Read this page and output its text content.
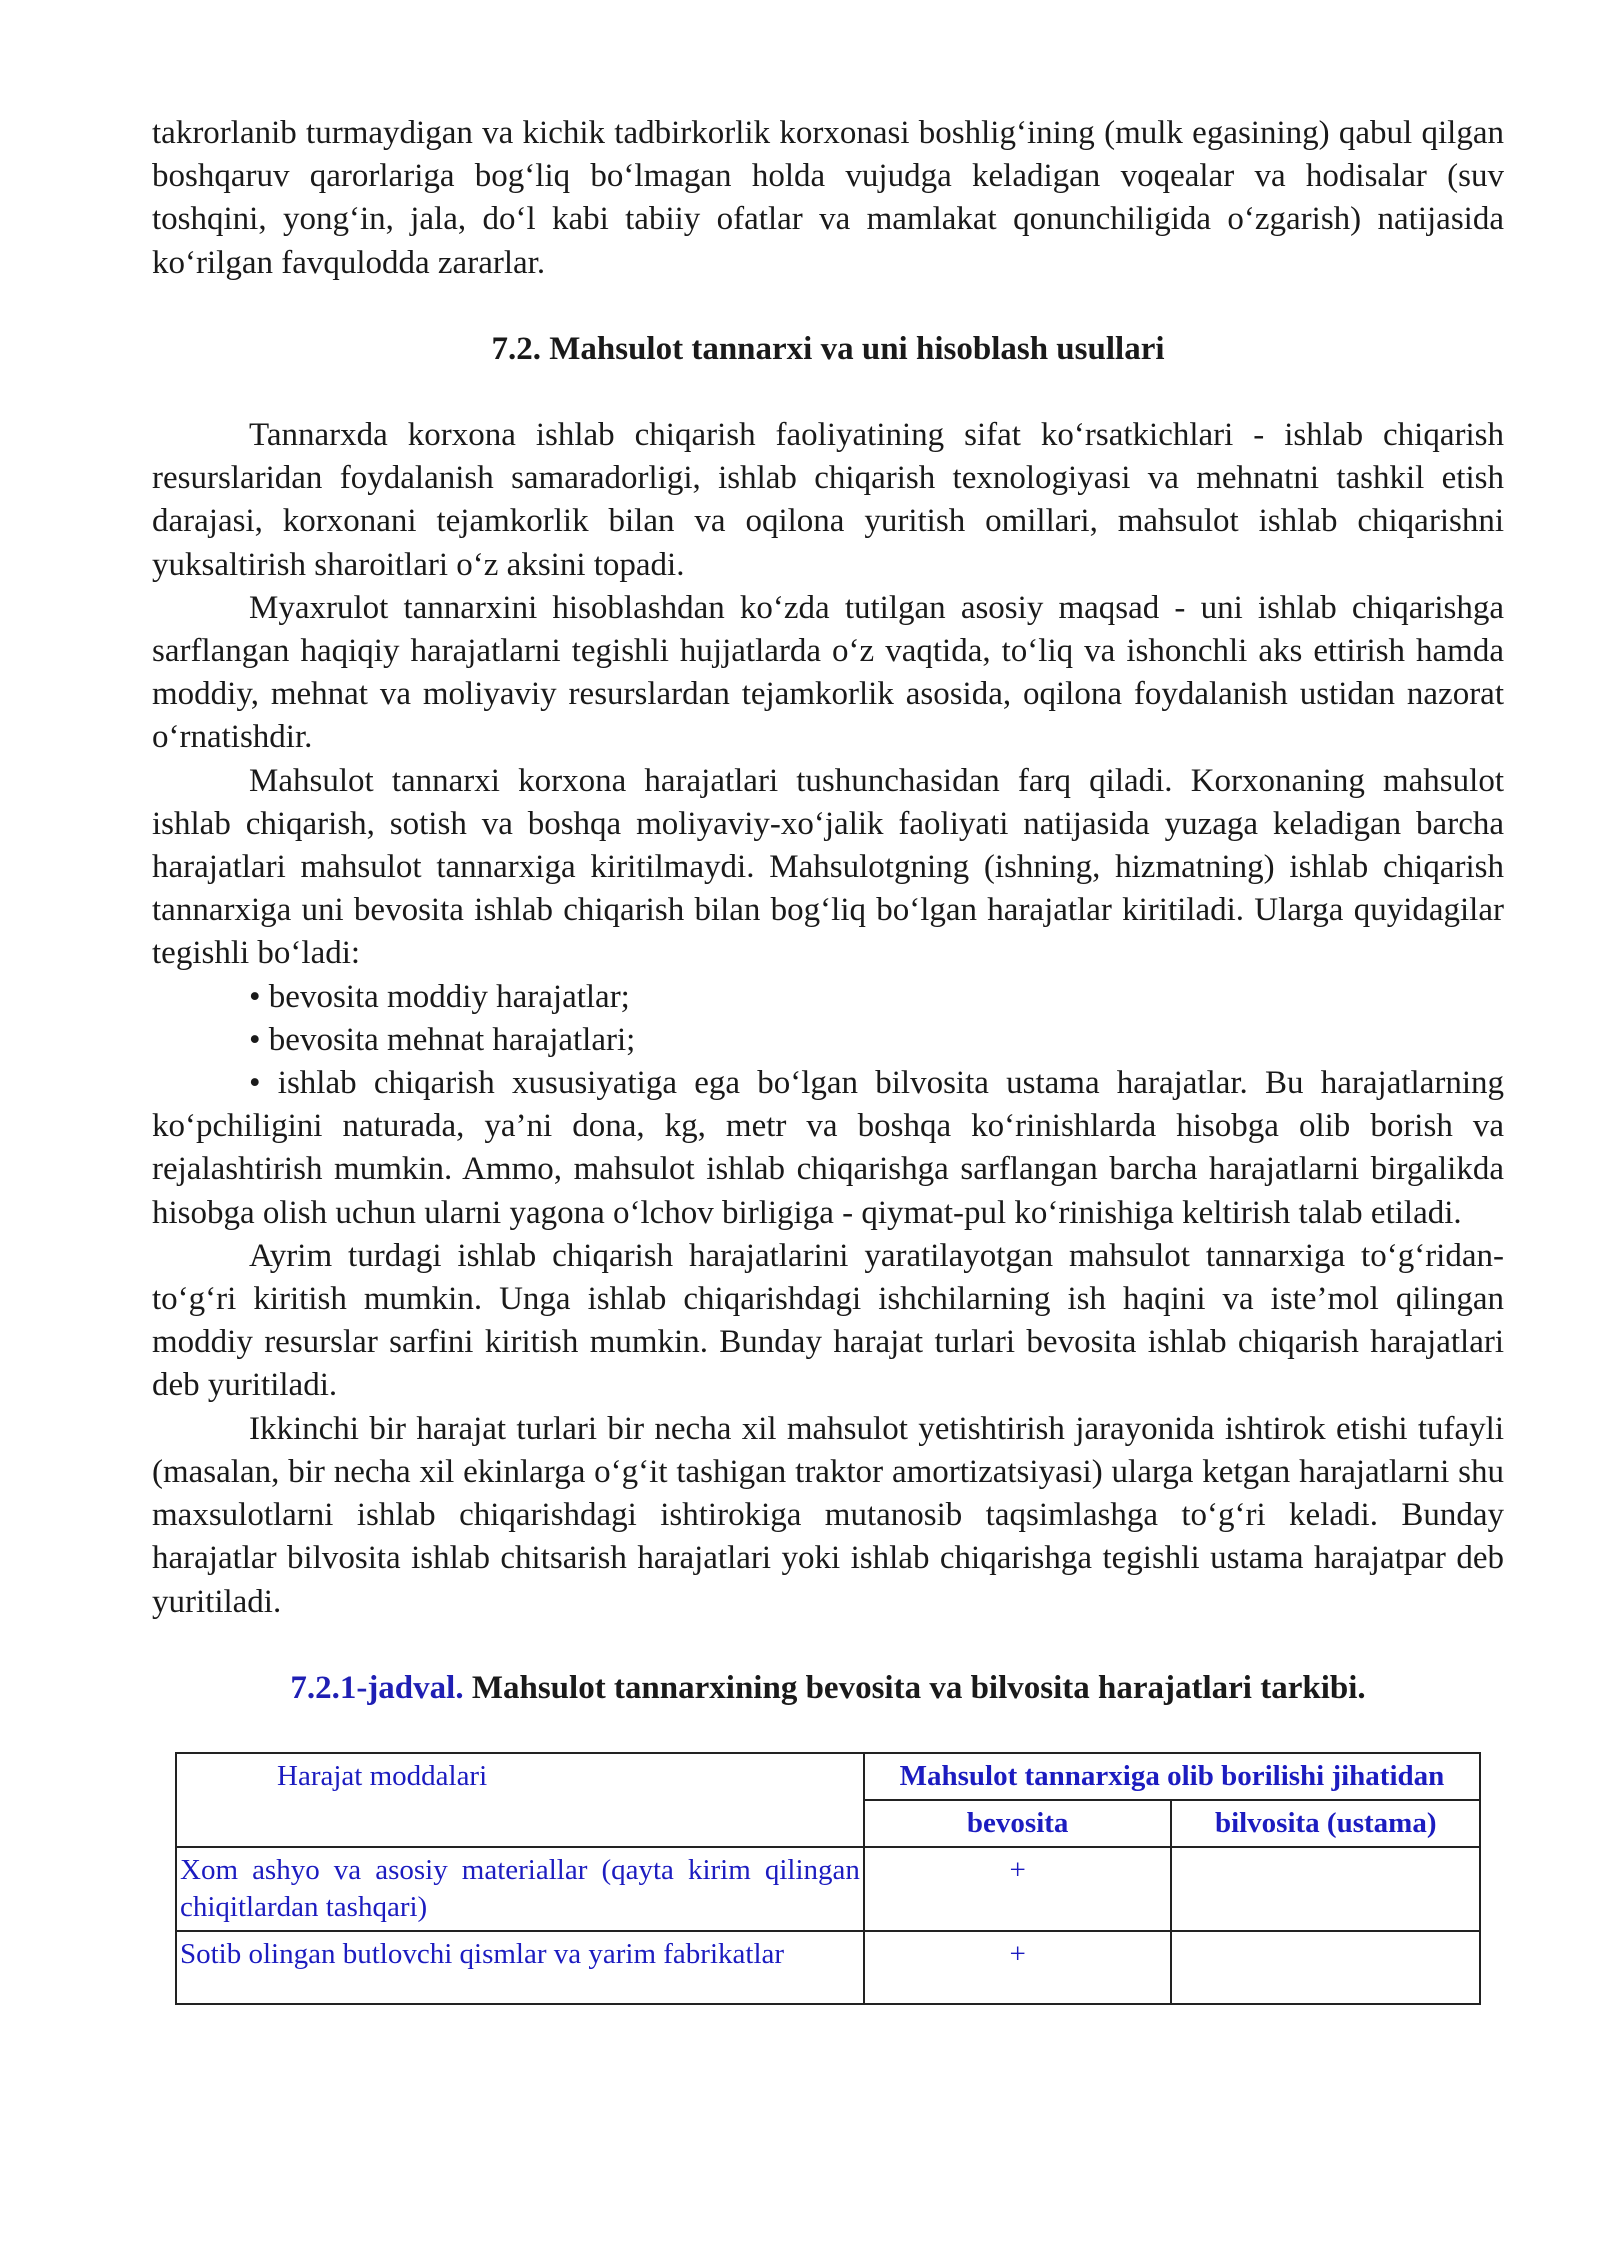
takrorlanib turmaydigan va kichik tadbirkorlik korxonasi boshlig‘ining (mulk egasining) qabul qilgan boshqaruv qarorlariga bog‘liq bo‘lmagan holda vujudga keladigan voqealar va hodisalar (suv toshqini, yong‘in, jala, do‘l kabi tabiiy ofatlar va mamlakat qonunchiligida o‘zgarish) natijasida ko‘rilgan favqulodda zararlar.

7.2. Mahsulot tannarxi va uni hisoblash usullari

Tannarxda korxona ishlab chiqarish faoliyatining sifat ko‘rsatkichlari - ishlab chiqarish resurslaridan foydalanish samaradorligi, ishlab chiqarish texnologiyasi va mehnatni tashkil etish darajasi, korxonani tejamkorlik bilan va oqilona yuritish omillari, mahsulot ishlab chiqarishni yuksaltirish sharoitlari o‘z aksini topadi.

Myaxrulot tannarxini hisoblashdan ko‘zda tutilgan asosiy maqsad - uni ishlab chiqarishga sarflangan haqiqiy harajatlarni tegishli hujjatlarda o‘z vaqtida, to‘liq va ishonchli aks ettirish hamda moddiy, mehnat va moliyaviy resurslardan tejamkorlik asosida, oqilona foydalanish ustidan nazorat o‘rnatishdir.

Mahsulot tannarxi korxona harajatlari tushunchasidan farq qiladi. Korxonaning mahsulot ishlab chiqarish, sotish va boshqa moliyaviy-xo‘jalik faoliyati natijasida yuzaga keladigan barcha harajatlari mahsulot tannarxiga kiritilmaydi. Mahsulotgning (ishning, hizmatning) ishlab chiqarish tannarxiga uni bevosita ishlab chiqarish bilan bog‘liq bo‘lgan harajatlar kiritiladi. Ularga quyidagilar tegishli bo‘ladi:

• bevosita moddiy harajatlar;
• bevosita mehnat harajatlari;

• ishlab chiqarish xususiyatiga ega bo‘lgan bilvosita ustama harajatlar. Bu harajatlarning ko‘pchiligini naturada, ya’ni dona, kg, metr va boshqa ko‘rinishlarda hisobga olib borish va rejalashtirish mumkin. Ammo, mahsulot ishlab chiqarishga sarflangan barcha harajatlarni birgalikda hisobga olish uchun ularni yagona o‘lchov birligiga - qiymat-pul ko‘rinishiga keltirish talab etiladi.

Ayrim turdagi ishlab chiqarish harajatlarini yaratilayotgan mahsulot tannarxiga to‘g‘ridan-to‘g‘ri kiritish mumkin. Unga ishlab chiqarishdagi ishchilarning ish haqini va iste’mol qilingan moddiy resurslar sarfini kiritish mumkin. Bunday harajat turlari bevosita ishlab chiqarish harajatlari deb yuritiladi.

Ikkinchi bir harajat turlari bir necha xil mahsulot yetishtirish jarayonida ishtirok etishi tufayli (masalan, bir necha xil ekinlarga o‘g‘it tashigan traktor amortizatsiyasi) ularga ketgan harajatlarni shu maxsulotlarni ishlab chiqarishdagi ishtirokiga mutanosib taqsimlashga to‘g‘ri keladi. Bunday harajatlar bilvosita ishlab chitsarish harajatlari yoki ishlab chiqarishga tegishli ustama harajatpar deb yuritiladi.

7.2.1-jadval. Mahsulot tannarxining bevosita va bilvosita harajatlari tarkibi.

Harajat moddalari	Mahsulot tannarxiga olib borilishi jihatidan	
	bevosita	bilvosita (ustama)
Xom ashyo va asosiy materiallar (qayta kirim qilingan chiqitlardan tashqari)	+	
Sotib olingan butlovchi qismlar va yarim fabrikatlar	+	
